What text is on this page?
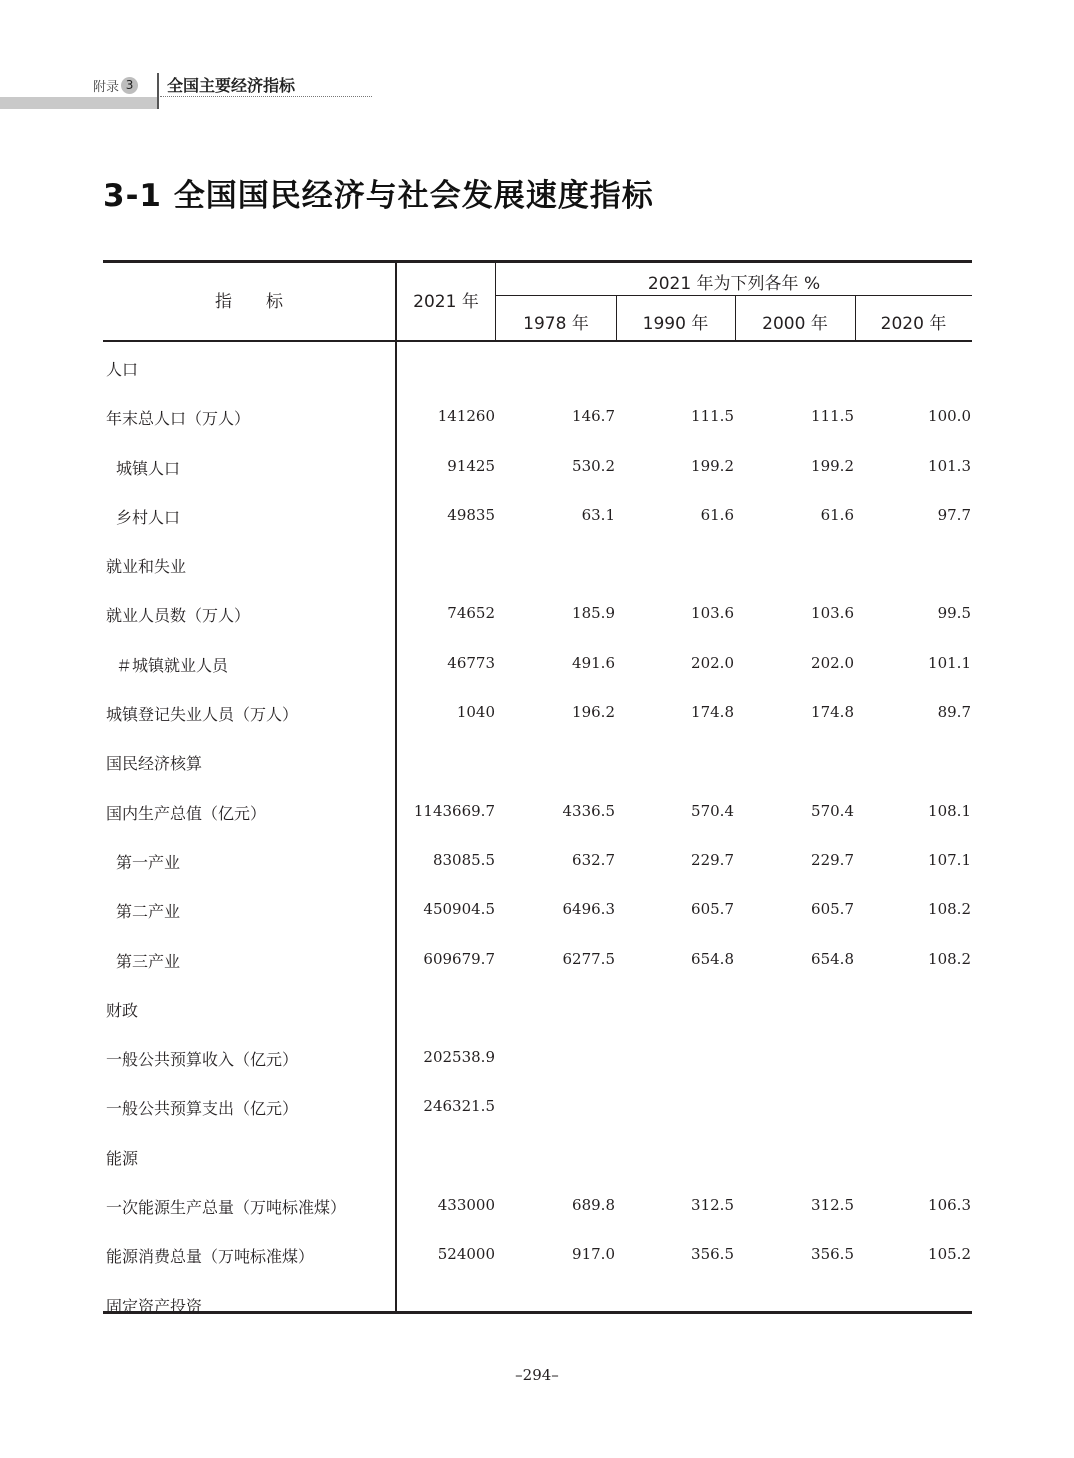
附录 3 全国主要经济指标
3-1 全国国民经济与社会发展速度指标
指　　标	2021 年
2021 年为下列各年 %
1978 年	1990 年	2000 年	2020 年
人口
年末总人口（万人）	141260	146.7	111.5	111.5	100.0
城镇人口	91425	530.2	199.2	199.2	101.3
乡村人口	49835	63.1	61.6	61.6	97.7
就业和失业
就业人员数（万人）	74652	185.9	103.6	103.6	99.5
＃城镇就业人员	46773	491.6	202.0	202.0	101.1
城镇登记失业人员（万人）	1040	196.2	174.8	174.8	89.7
国民经济核算
国内生产总值（亿元）	1143669.7	4336.5	570.4	570.4	108.1
第一产业	83085.5	632.7	229.7	229.7	107.1
第二产业	450904.5	6496.3	605.7	605.7	108.2
第三产业	609679.7	6277.5	654.8	654.8	108.2
财政
一般公共预算收入（亿元）	202538.9
一般公共预算支出（亿元）	246321.5
能源
一次能源生产总量（万吨标准煤）	433000	689.8	312.5	312.5	106.3
能源消费总量（万吨标准煤）	524000	917.0	356.5	356.5	105.2
固定资产投资
–294–
